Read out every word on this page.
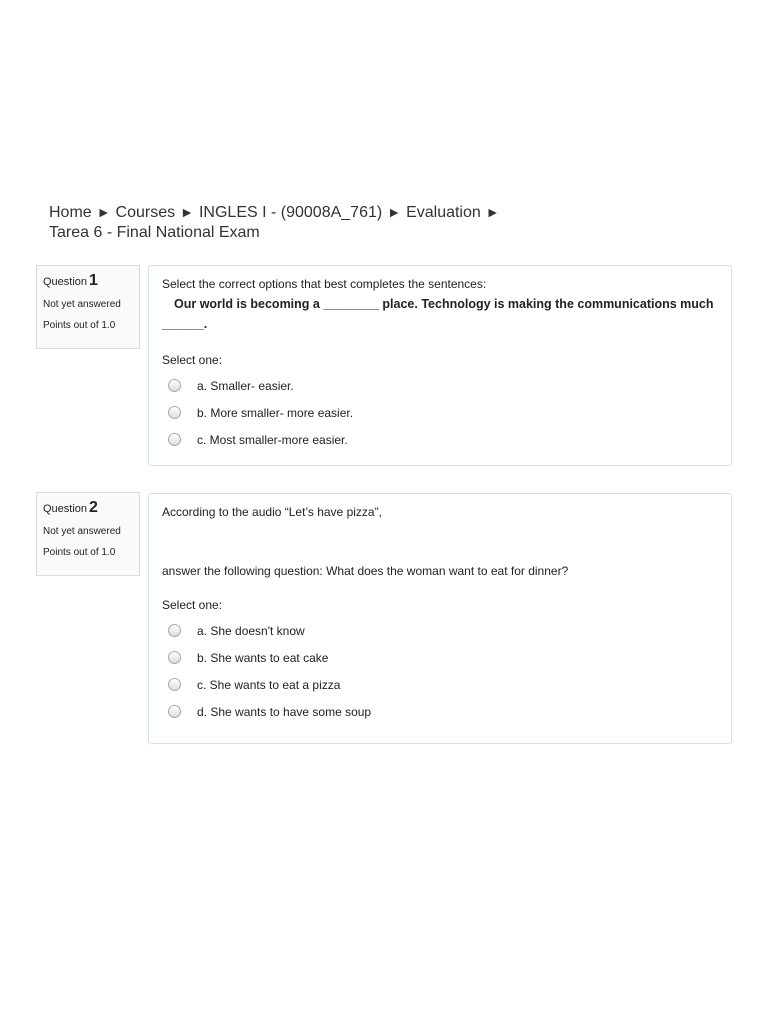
Home ► Courses ► INGLES I - (90008A_761) ► Evaluation ►
Tarea 6 - Final National Exam
Question 1
Not yet answered
Points out of 1.0
Select the correct options that best completes the sentences:
Our world is becoming a ________ place. Technology is making the communications much ______.
Select one:
a. Smaller- easier.
b. More smaller- more easier.
c. Most smaller-more easier.
Question 2
Not yet answered
Points out of 1.0
According to the audio “Let’s have pizza”,
answer the following question: What does the woman want to eat for dinner?
Select one:
a. She doesn't know
b. She wants to eat cake
c. She wants to eat a pizza
d. She wants to have some soup
